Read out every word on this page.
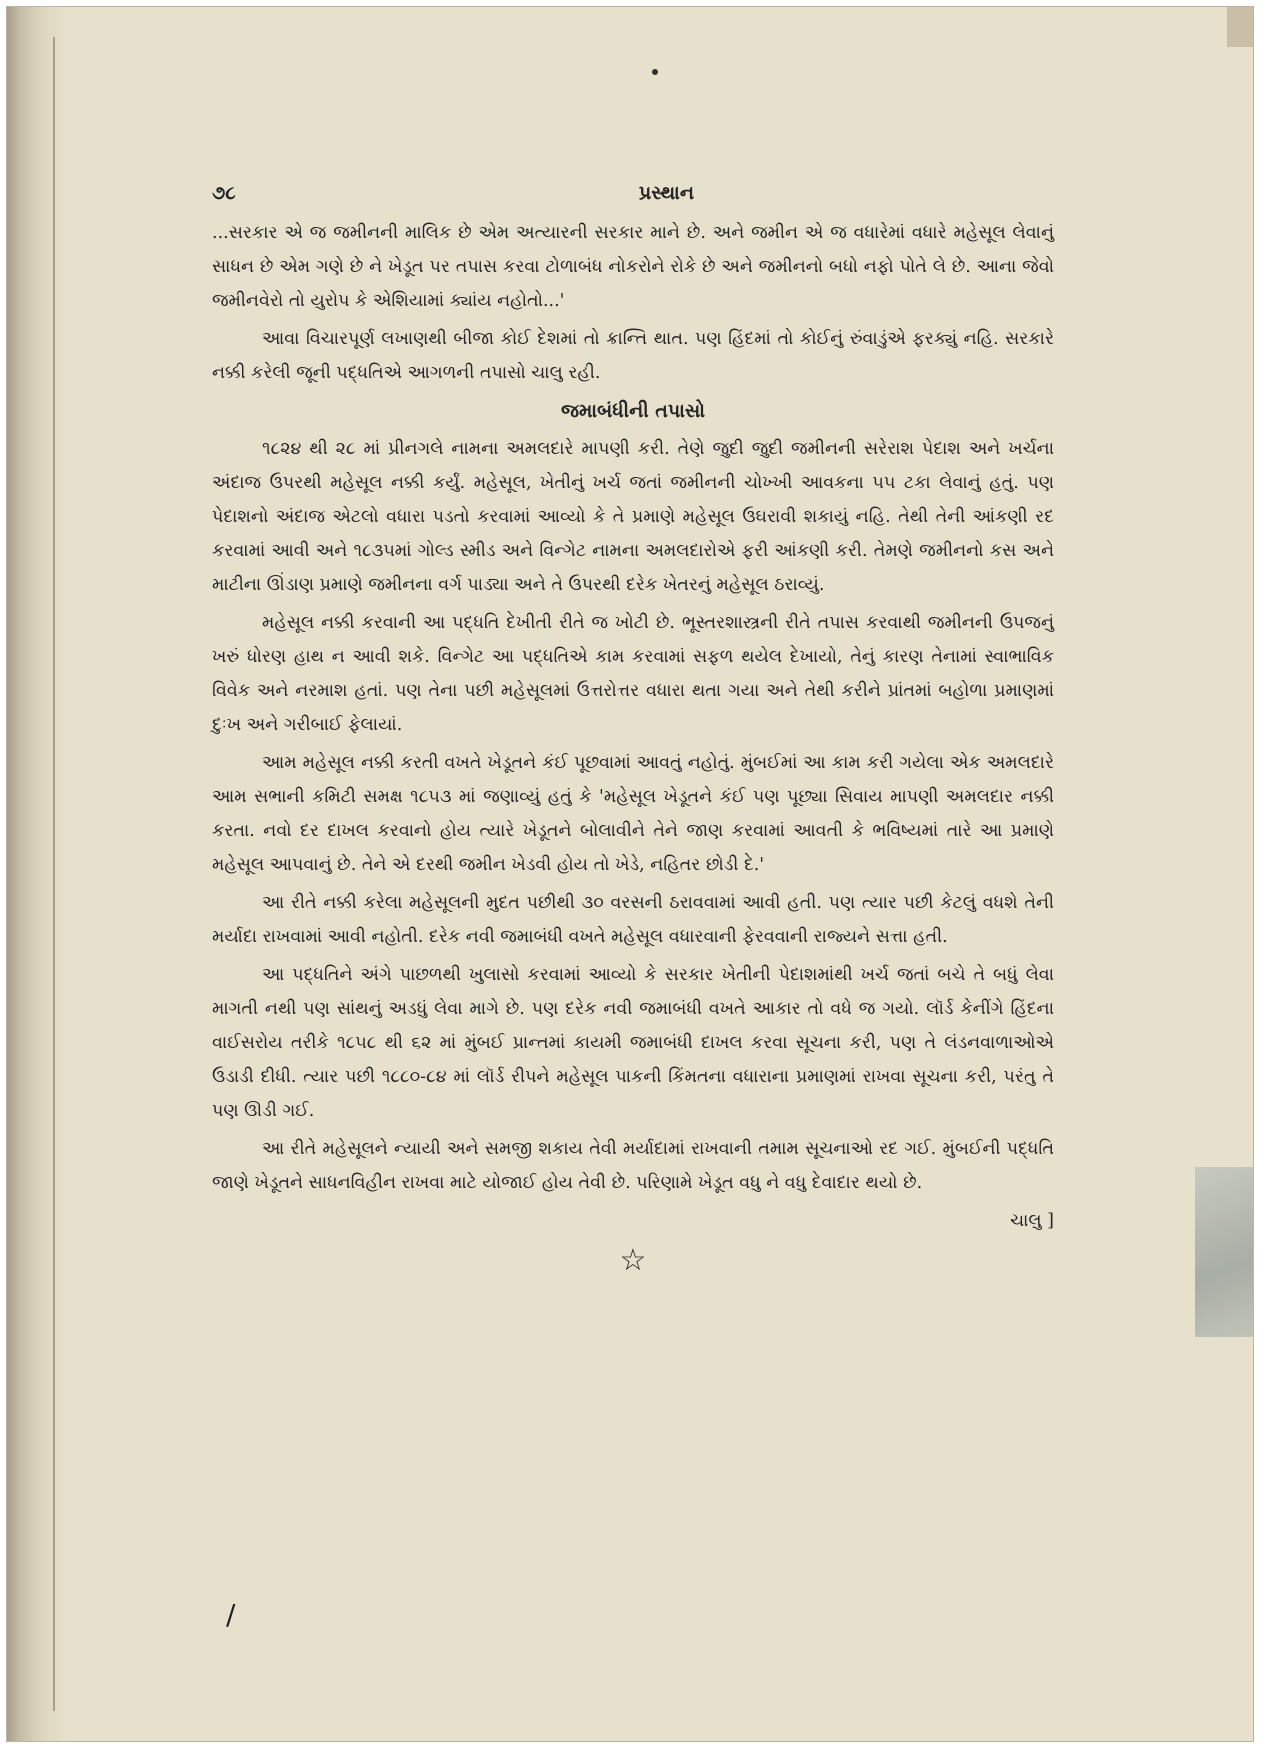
૭૮	પ્રસ્થાન

...સરકાર એ જ જમીનની માલિક છે એમ અત્યારની સરકાર માને છે. અને જમીન એ જ વધારેમાં વધારે મહેસૂલ લેવાનું સાધન છે એમ ગણે છે ને ખેડૂત પર તપાસ કરવા ટોળાબંધ નોકરોને રોકે છે અને જમીનનો બધો નફો પોતે લે છે. આના જેવો જમીનવેરો તો યુરોપ કે એશિયામાં ક્યાંય નહોતો...'

આવા વિચારપૂર્ણ લખાણથી બીજા કોઈ દેશમાં તો ક્રાન્તિ થાત. પણ હિંદમાં તો કોઈનું રુંવાડુંએ ફરક્યું નહિ. સરકારે નક્કી કરેલી જૂની પદ્ધતિએ આગળની તપાસો ચાલુ રહી.

જમાબંધીની તપાસો

૧૮૨૪ થી ૨૮ માં પ્રીનગલે નામના અમલદારે માપણી કરી. તેણે જુદી જુદી જમીનની સરેરાશ પેદાશ અને ખર્ચના અંદાજ ઉપરથી મહેસૂલ નક્કી કર્યું. મહેસૂલ, ખેતીનું ખર્ચ જતાં જમીનની ચોખ્ખી આવકના ૫૫ ટકા લેવાનું હતું. પણ પેદાશનો અંદાજ એટલો વધારા પડતો કરવામાં આવ્યો કે તે પ્રમાણે મહેસૂલ ઉઘરાવી શકાયું નહિ. તેથી તેની આંકણી રદ કરવામાં આવી અને ૧૮૩૫માં ગોલ્ડ સ્મીડ અને વિન્ગેટ નામના અમલદારોએ ફરી આંકણી કરી. તેમણે જમીનનો કસ અને માટીના ઊંડાણ પ્રમાણે જમીનના વર્ગ પાડ્યા અને તે ઉપરથી દરેક ખેતરનું મહેસૂલ ઠરાવ્યું.

મહેસૂલ નક્કી કરવાની આ પદ્ધતિ દેખીતી રીતે જ ખોટી છે. ભૂસ્તરશાસ્ત્રની રીતે તપાસ કરવાથી જમીનની ઉપજનું ખરું ધોરણ હાથ ન આવી શકે. વિન્ગેટ આ પદ્ધતિએ કામ કરવામાં સફળ થયેલ દેખાયો, તેનું કારણ તેનામાં સ્વાભાવિક વિવેક અને નરમાશ હતાં. પણ તેના પછી મહેસૂલમાં ઉત્તરોત્તર વધારા થતા ગયા અને તેથી કરીને પ્રાંતમાં બહોળા પ્રમાણમાં દુઃખ અને ગરીબાઈ ફેલાયાં.

આમ મહેસૂલ નક્કી કરતી વખતે ખેડૂતને કંઈ પૂછવામાં આવતું નહોતું. મુંબઈમાં આ કામ કરી ગયેલા એક અમલદારે આમ સભાની કમિટી સમક્ષ ૧૮૫૩ માં જણાવ્યું હતું કે 'મહેસૂલ ખેડૂતને કંઈ પણ પૂછ્યા સિવાય માપણી અમલદાર નક્કી કરતા. નવો દર દાખલ કરવાનો હોય ત્યારે ખેડૂતને બોલાવીને તેને જાણ કરવામાં આવતી કે ભવિષ્યમાં તારે આ પ્રમાણે મહેસૂલ આપવાનું છે. તેને એ દરથી જમીન ખેડવી હોય તો ખેડે, નહિતર છોડી દે.'

આ રીતે નક્કી કરેલા મહેસૂલની મુદત પછીથી ૩૦ વરસની ઠરાવવામાં આવી હતી. પણ ત્યાર પછી કેટલું વધશે તેની મર્યાદા રાખવામાં આવી નહોતી. દરેક નવી જમાબંધી વખતે મહેસૂલ વધારવાની ફેરવવાની રાજ્યને સત્તા હતી.

આ પદ્ધતિને અંગે પાછળથી ખુલાસો કરવામાં આવ્યો કે સરકાર ખેતીની પેદાશમાંથી ખર્ચ જતાં બચે તે બધું લેવા માગતી નથી પણ સાંથનું અડધું લેવા માગે છે. પણ દરેક નવી જમાબંધી વખતે આકાર તો વધે જ ગયો. લૉર્ડ કેનીંગે હિંદના વાઈસરોય તરીકે ૧૮૫૮ થી ૬૨ માં મુંબઈ પ્રાન્તમાં કાયમી જમાબંધી દાખલ કરવા સૂચના કરી, પણ તે લંડનવાળાઓએ ઉડાડી દીધી. ત્યાર પછી ૧૮૮૦-૮૪ માં લૉર્ડ રીપને મહેસૂલ પાકની કિંમતના વધારાના પ્રમાણમાં રાખવા સૂચના કરી, પરંતુ તે પણ ઊડી ગઈ.

આ રીતે મહેસૂલને ન્યાયી અને સમજી શકાય તેવી મર્યાદામાં રાખવાની તમામ સૂચનાઓ રદ ગઈ. મુંબઈની પદ્ધતિ જાણે ખેડૂતને સાધનવિહીન રાખવા માટે યોજાઈ હોય તેવી છે. પરિણામે ખેડૂત વધુ ને વધુ દેવાદાર થયો છે.

ચાલુ ]
☆
/
